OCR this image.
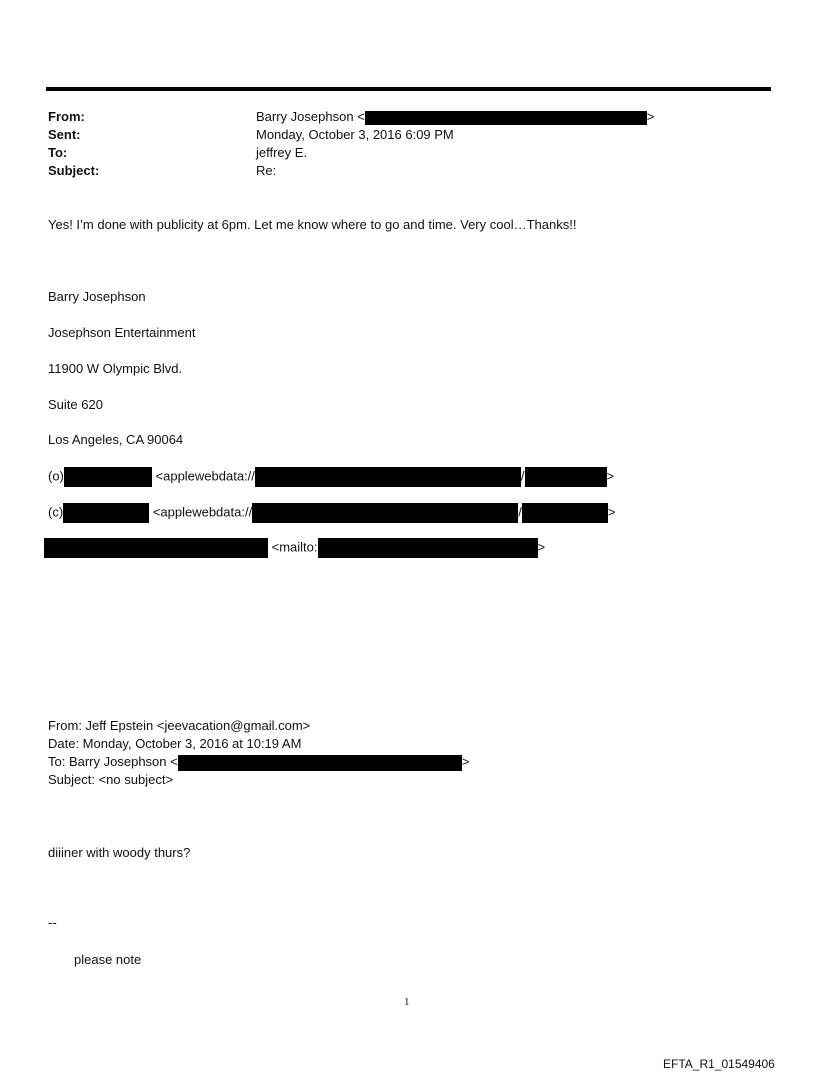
From:	Barry Josephson <	>
Sent:	Monday, October 3, 2016 6:09 PM
To:	jeffrey E.
Subject:	Re:
Yes! I’m done with publicity at 6pm. Let me know where to go and time. Very cool…Thanks!!
Barry Josephson
Josephson Entertainment
11900 W Olympic Blvd.
Suite 620
Los Angeles, CA 90064
(o)	<applewebdata://	/	>
(c)	<applewebdata://	/	>
<mailto:	>
From: Jeff Epstein <jeevacation@gmail.com>
Date: Monday, October 3, 2016 at 10:19 AM
To: Barry Josephson <	>
Subject: <no subject>
diiiner with woody thurs?
--
please note
1
EFTA_R1_01549406
